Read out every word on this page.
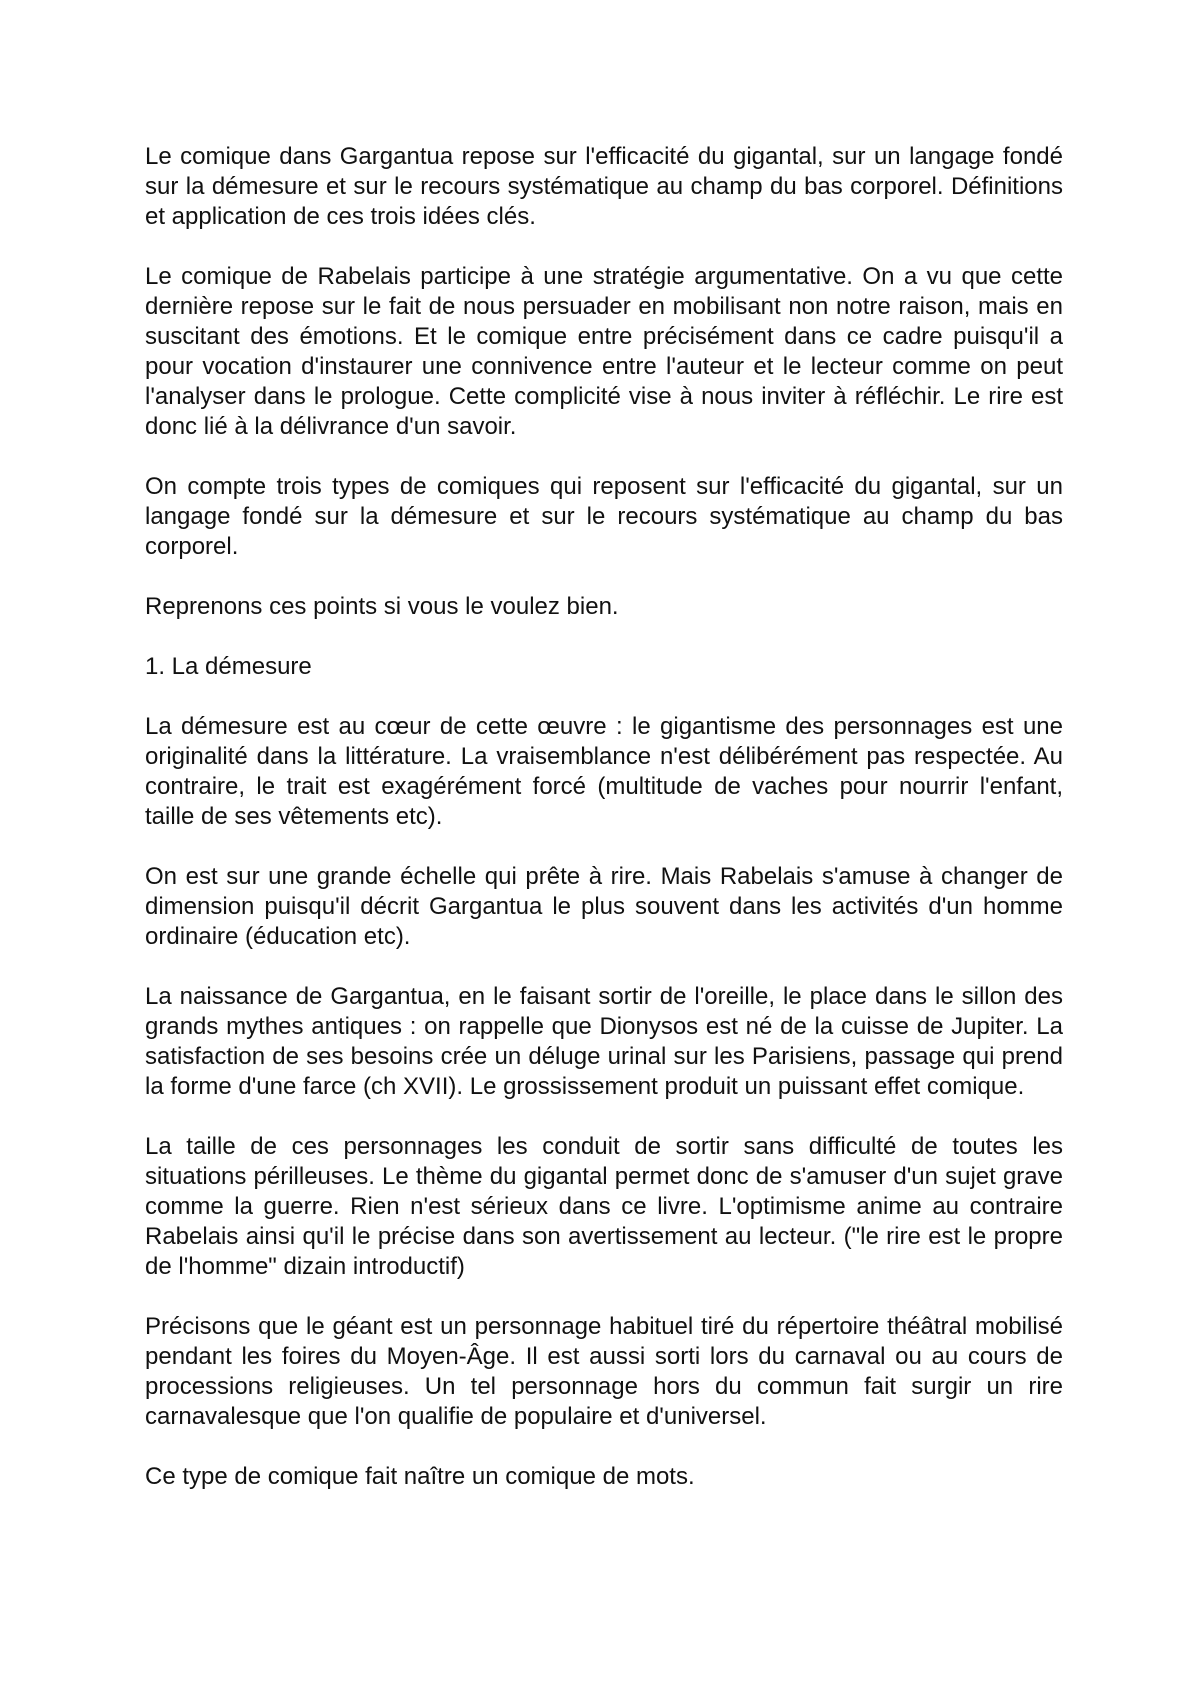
Le comique dans Gargantua repose sur l'efficacité du gigantal, sur un langage fondé sur la démesure et sur le recours systématique au champ du bas corporel. Définitions et application de ces trois idées clés.

Le comique de Rabelais participe à une stratégie argumentative. On a vu que cette dernière repose sur le fait de nous persuader en mobilisant non notre raison, mais en suscitant des émotions. Et le comique entre précisément dans ce cadre puisqu'il a pour vocation d'instaurer une connivence entre l'auteur et le lecteur comme on peut l'analyser dans le prologue. Cette complicité vise à nous inviter à réfléchir. Le rire est donc lié à la délivrance d'un savoir.

On compte trois types de comiques qui reposent sur l'efficacité du gigantal, sur un langage fondé sur la démesure et sur le recours systématique au champ du bas corporel.

Reprenons ces points si vous le voulez bien.

1. La démesure

La démesure est au cœur de cette œuvre : le gigantisme des personnages est une originalité dans la littérature. La vraisemblance n'est délibérément pas respectée. Au contraire, le trait est exagérément forcé (multitude de vaches pour nourrir l'enfant, taille de ses vêtements etc).

On est sur une grande échelle qui prête à rire. Mais Rabelais s'amuse à changer de dimension puisqu'il décrit Gargantua le plus souvent dans les activités d'un homme ordinaire (éducation etc).

La naissance de Gargantua, en le faisant sortir de l'oreille, le place dans le sillon des grands mythes antiques : on rappelle que Dionysos est né de la cuisse de Jupiter. La satisfaction de ses besoins crée un déluge urinal sur les Parisiens, passage qui prend la forme d'une farce (ch XVII). Le grossissement produit un puissant effet comique.

La taille de ces personnages les conduit de sortir sans difficulté de toutes les situations périlleuses. Le thème du gigantal permet donc de s'amuser d'un sujet grave comme la guerre. Rien n'est sérieux dans ce livre. L'optimisme anime au contraire Rabelais ainsi qu'il le précise dans son avertissement au lecteur. ("le rire est le propre de l'homme" dizain introductif)

Précisons que le géant est un personnage habituel tiré du répertoire théâtral mobilisé pendant les foires du Moyen-Âge. Il est aussi sorti lors du carnaval ou au cours de processions religieuses. Un tel personnage hors du commun fait surgir un rire carnavalesque que l'on qualifie de populaire et d'universel.

Ce type de comique fait naître un comique de mots.
